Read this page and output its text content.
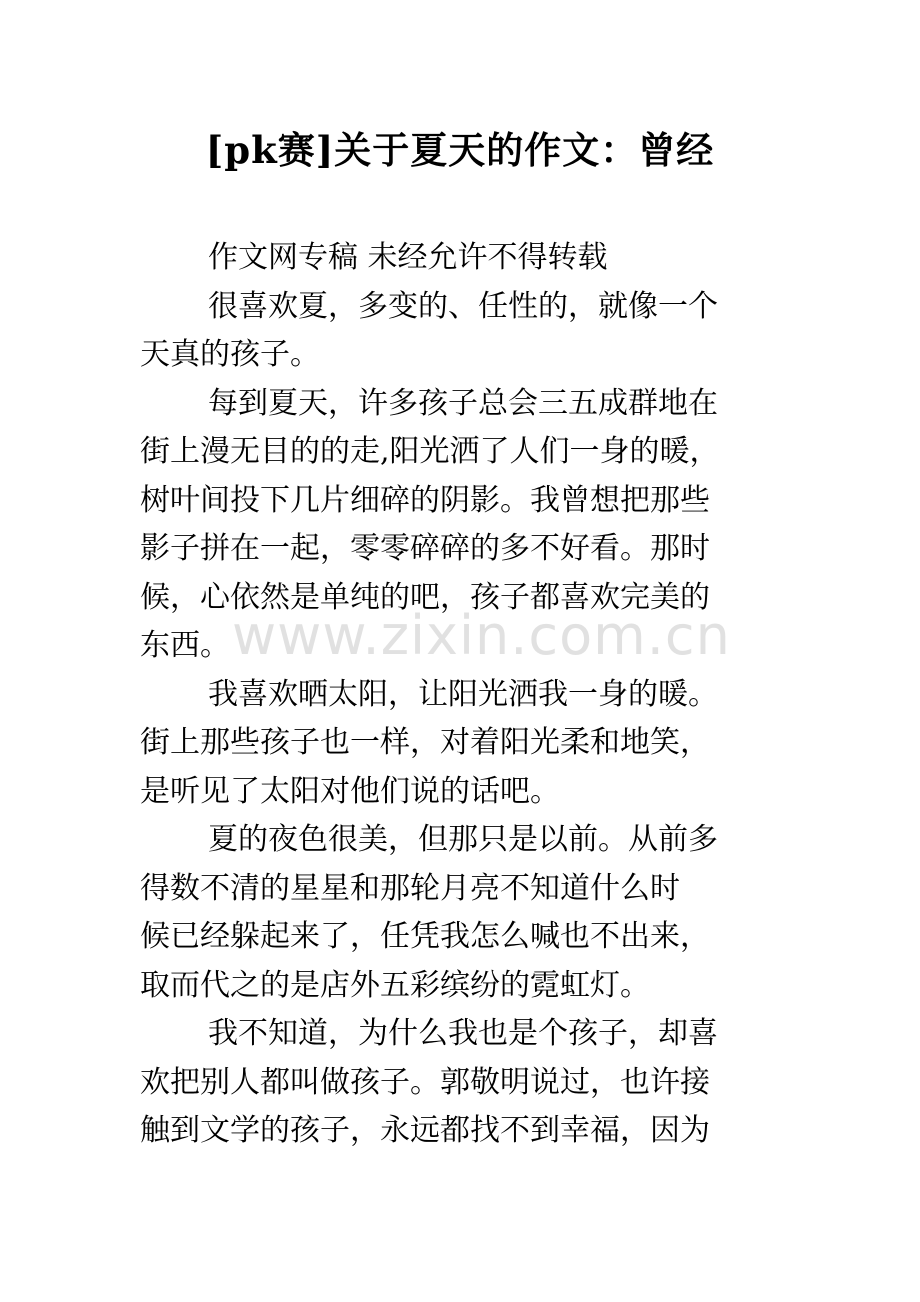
[pk赛]关于夏天的作文：曾经
作文网专稿 未经允许不得转载
很喜欢夏，多变的、任性的，就像一个
天真的孩子。
每到夏天，许多孩子总会三五成群地在
街上漫无目的的走,阳光洒了人们一身的暖，
树叶间投下几片细碎的阴影。我曾想把那些
影子拼在一起，零零碎碎的多不好看。那时
候，心依然是单纯的吧，孩子都喜欢完美的
东西。
我喜欢晒太阳，让阳光洒我一身的暖。
街上那些孩子也一样，对着阳光柔和地笑，
是听见了太阳对他们说的话吧。
夏的夜色很美，但那只是以前。从前多
得数不清的星星和那轮月亮不知道什么时
候已经躲起来了，任凭我怎么喊也不出来，
取而代之的是店外五彩缤纷的霓虹灯。
我不知道，为什么我也是个孩子，却喜
欢把别人都叫做孩子。郭敬明说过，也许接
触到文学的孩子，永远都找不到幸福，因为
www.zixin.com.cn
